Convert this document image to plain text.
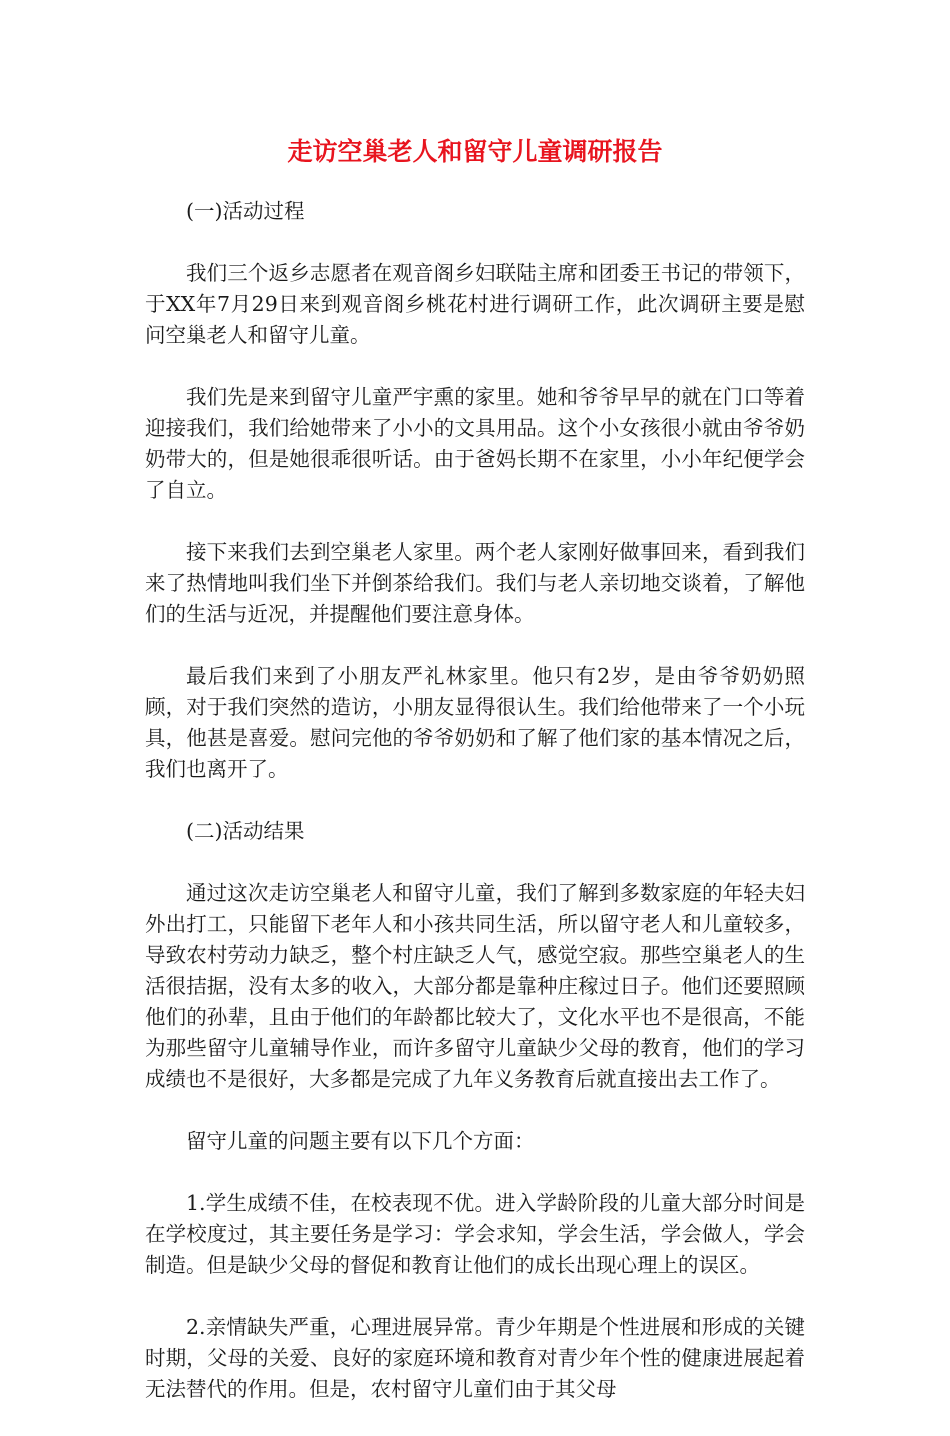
走访空巢老人和留守儿童调研报告

(一)活动过程

我们三个返乡志愿者在观音阁乡妇联陆主席和团委王书记的带领下，于XX年7月29日来到观音阁乡桃花村进行调研工作，此次调研主要是慰问空巢老人和留守儿童。

我们先是来到留守儿童严宇熏的家里。她和爷爷早早的就在门口等着迎接我们，我们给她带来了小小的文具用品。这个小女孩很小就由爷爷奶奶带大的，但是她很乖很听话。由于爸妈长期不在家里，小小年纪便学会了自立。

接下来我们去到空巢老人家里。两个老人家刚好做事回来，看到我们来了热情地叫我们坐下并倒茶给我们。我们与老人亲切地交谈着，了解他们的生活与近况，并提醒他们要注意身体。

最后我们来到了小朋友严礼林家里。他只有2岁，是由爷爷奶奶照顾，对于我们突然的造访，小朋友显得很认生。我们给他带来了一个小玩具，他甚是喜爱。慰问完他的爷爷奶奶和了解了他们家的基本情况之后，我们也离开了。

(二)活动结果

通过这次走访空巢老人和留守儿童，我们了解到多数家庭的年轻夫妇外出打工，只能留下老年人和小孩共同生活，所以留守老人和儿童较多，导致农村劳动力缺乏，整个村庄缺乏人气，感觉空寂。那些空巢老人的生活很拮据，没有太多的收入，大部分都是靠种庄稼过日子。他们还要照顾他们的孙辈，且由于他们的年龄都比较大了，文化水平也不是很高，不能为那些留守儿童辅导作业，而许多留守儿童缺少父母的教育，他们的学习成绩也不是很好，大多都是完成了九年义务教育后就直接出去工作了。

留守儿童的问题主要有以下几个方面：

1.学生成绩不佳，在校表现不优。进入学龄阶段的儿童大部分时间是在学校度过，其主要任务是学习：学会求知，学会生活，学会做人，学会制造。但是缺少父母的督促和教育让他们的成长出现心理上的误区。

2.亲情缺失严重，心理进展异常。青少年期是个性进展和形成的关键时期，父母的关爱、良好的家庭环境和教育对青少年个性的健康进展起着无法替代的作用。但是，农村留守儿童们由于其父母
